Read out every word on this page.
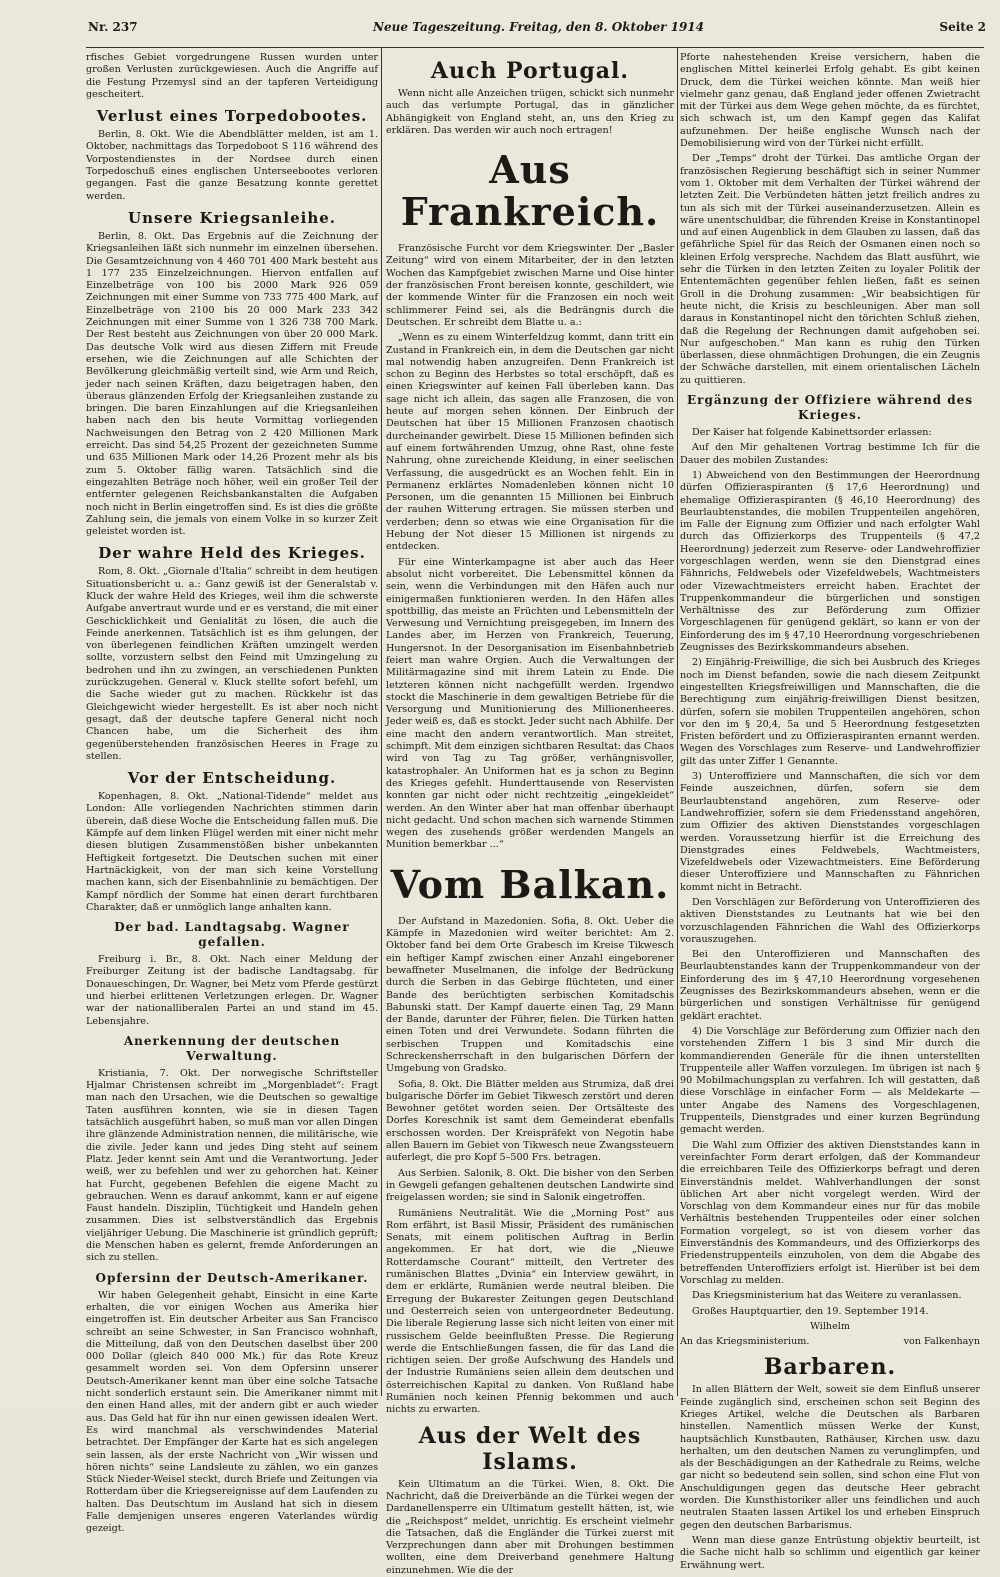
Nr. 237	Neue Tageszeitung. Freitag, den 8. Oktober 1914	Seite 2

rfisches Gebiet vorgedrungene Russen wurden unter großen Verlusten zurückgewiesen. Auch die Angriffe auf die Festung Przemysl sind an der tapferen Verteidigung gescheitert.

Verlust eines Torpedobootes.

Berlin, 8. Okt. Wie die Abendblätter melden, ist am 1. Oktober, nachmittags das Torpedoboot S 116 während des Vorpostendienstes in der Nordsee durch einen Torpedoschuß eines englischen Unterseebootes verloren gegangen. Fast die ganze Besatzung konnte gerettet werden.

Unsere Kriegsanleihe.

Berlin, 8. Okt. Das Ergebnis auf die Zeichnung der Kriegsanleihen läßt sich nunmehr im einzelnen übersehen. Die Gesamtzeichnung von 4 460 701 400 Mark besteht aus 1 177 235 Einzelzeichnungen. Hiervon entfallen auf Einzelbeträge von 100 bis 2000 Mark 926 059 Zeichnungen mit einer Summe von 733 775 400 Mark, auf Einzelbeträge von 2100 bis 20 000 Mark 233 342 Zeichnungen mit einer Summe von 1 326 738 700 Mark. Der Rest besteht aus Zeichnungen von über 20 000 Mark. Das deutsche Volk wird aus diesen Ziffern mit Freude ersehen, wie die Zeichnungen auf alle Schichten der Bevölkerung gleichmäßig verteilt sind, wie Arm und Reich, jeder nach seinen Kräften, dazu beigetragen haben, den überaus glänzenden Erfolg der Kriegsanleihen zustande zu bringen. Die baren Einzahlungen auf die Kriegsanleihen haben nach den bis heute Vormittag vorliegenden Nachweisungen den Betrag von 2 420 Millionen Mark erreicht. Das sind 54,25 Prozent der gezeichneten Summe und 635 Millionen Mark oder 14,26 Prozent mehr als bis zum 5. Oktober fällig waren. Tatsächlich sind die eingezahlten Beträge noch höher, weil ein großer Teil der entfernter gelegenen Reichsbankanstalten die Aufgaben noch nicht in Berlin eingetroffen sind. Es ist dies die größte Zahlung sein, die jemals von einem Volke in so kurzer Zeit geleistet worden ist.

Der wahre Held des Krieges.

Rom, 8. Okt. „Giornale d'Italia“ schreibt in dem heutigen Situationsbericht u. a.: Ganz gewiß ist der Generalstab v. Kluck der wahre Held des Krieges, weil ihm die schwerste Aufgabe anvertraut wurde und er es verstand, die mit einer Geschicklichkeit und Genialität zu lösen, die auch die Feinde anerkennen. Tatsächlich ist es ihm gelungen, der von überlegenen feindlichen Kräften umzingelt werden sollte, vorzustern selbst den Feind mit Umzingelung zu bedrohen und ihn zu zwingen, an verschiedenen Punkten zurückzugehen. General v. Kluck stellte sofort befehl, um die Sache wieder gut zu machen. Rückkehr ist das Gleichgewicht wieder hergestellt. Es ist aber noch nicht gesagt, daß der deutsche tapfere General nicht noch Chancen habe, um die Sicherheit des ihm gegenüberstehenden französischen Heeres in Frage zu stellen.

Vor der Entscheidung.

Kopenhagen, 8. Okt. „National-Tidende“ meldet aus London: Alle vorliegenden Nachrichten stimmen darin überein, daß diese Woche die Entscheidung fallen muß. Die Kämpfe auf dem linken Flügel werden mit einer nicht mehr diesen blutigen Zusammenstößen bisher unbekannten Heftigkeit fortgesetzt. Die Deutschen suchen mit einer Hartnäckigkeit, von der man sich keine Vorstellung machen kann, sich der Eisenbahnlinie zu bemächtigen. Der Kampf nördlich der Somme hat einen derart furchtbaren Charakter, daß er unmöglich lange anhalten kann.

Der bad. Landtagsabg. Wagner gefallen.

Freiburg i. Br., 8. Okt. Nach einer Meldung der Freiburger Zeitung ist der badische Landtagsabg. für Donaueschingen, Dr. Wagner, bei Metz vom Pferde gestürzt und hierbei erlittenen Verletzungen erlegen. Dr. Wagner war der nationalliberalen Partei an und stand im 45. Lebensjahre.

Anerkennung der deutschen Verwaltung.

Kristiania, 7. Okt. Der norwegische Schriftsteller Hjalmar Christensen schreibt im „Morgenbladet“: Fragt man nach den Ursachen, wie die Deutschen so gewaltige Taten ausführen konnten, wie sie in diesen Tagen tatsächlich ausgeführt haben, so muß man vor allen Dingen ihre glänzende Administration nennen, die militärische, wie die zivile. Jeder kann und jedes Ding steht auf seinem Platz. Jeder kennt sein Amt und die Verantwortung. Jeder weiß, wer zu befehlen und wer zu gehorchen hat. Keiner hat Furcht, gegebenen Befehlen die eigene Macht zu gebrauchen. Wenn es darauf ankommt, kann er auf eigene Faust handeln. Disziplin, Tüchtigkeit und Handeln gehen zusammen. Dies ist selbstverständlich das Ergebnis vieljähriger Uebung. Die Maschinerie ist gründlich geprüft; die Menschen haben es gelernt, fremde Anforderungen an sich zu stellen.

Opfersinn der Deutsch-Amerikaner.

Wir haben Gelegenheit gehabt, Einsicht in eine Karte erhalten, die vor einigen Wochen aus Amerika hier eingetroffen ist. Ein deutscher Arbeiter aus San Francisco schreibt an seine Schwester, in San Francisco wohnhaft, die Mitteilung, daß von den Deutschen daselbst über 200 000 Dollar (gleich 840 000 Mk.) für das Rote Kreuz gesammelt worden sei. Von dem Opfersinn unserer Deutsch-Amerikaner kennt man über eine solche Tatsache nicht sonderlich erstaunt sein. Die Amerikaner nimmt mit den einen Hand alles, mit der andern gibt er auch wieder aus. Das Geld hat für ihn nur einen gewissen idealen Wert. Es wird manchmal als verschwindendes Material betrachtet. Der Empfänger der Karte hat es sich angelegen sein lassen, als der erste Nachricht von „Wir wissen und hören nichts“ seine Landsleute zu zählen, wo ein ganzes Stück Nieder-Weisel steckt, durch Briefe und Zeitungen via Rotterdam über die Kriegsereignisse auf dem Laufenden zu halten. Das Deutschtum im Ausland hat sich in diesem Falle demjenigen unseres engeren Vaterlandes würdig gezeigt.

Auch Portugal.

Wenn nicht alle Anzeichen trügen, schickt sich nunmehr auch das verlumpte Portugal, das in gänzlicher Abhängigkeit von England steht, an, uns den Krieg zu erklären. Das werden wir auch noch ertragen!

Aus Frankreich.

Französische Furcht vor dem Kriegswinter. Der „Basler Zeitung“ wird von einem Mitarbeiter, der in den letzten Wochen das Kampfgebiet zwischen Marne und Oise hinter der französischen Front bereisen konnte, geschildert, wie der kommende Winter für die Franzosen ein noch weit schlimmerer Feind sei, als die Bedrängnis durch die Deutschen. Er schreibt dem Blatte u. a.:

„Wenn es zu einem Winterfeldzug kommt, dann tritt ein Zustand in Frankreich ein, in dem die Deutschen gar nicht mal notwendig haben anzugreifen. Denn Frankreich ist schon zu Beginn des Herbstes so total erschöpft, daß es einen Kriegswinter auf keinen Fall überleben kann. Das sage nicht ich allein, das sagen alle Franzosen, die von heute auf morgen sehen können. Der Einbruch der Deutschen hat über 15 Millionen Franzosen chaotisch durcheinander gewirbelt. Diese 15 Millionen befinden sich auf einem fortwährenden Umzug, ohne Rast, ohne feste Nahrung, ohne zureichende Kleidung, in einer seelischen Verfassung, die ausgedrückt es an Wochen fehlt. Ein in Permanenz erklärtes Nomadenleben können nicht 10 Personen, um die genannten 15 Millionen bei Einbruch der rauhen Witterung ertragen. Sie müssen sterben und verderben; denn so etwas wie eine Organisation für die Hebung der Not dieser 15 Millionen ist nirgends zu entdecken.

Für eine Winterkampagne ist aber auch das Heer absolut nicht vorbereitet. Die Lebensmittel können da sein, wenn die Verbindungen mit den Häfen auch nur einigermaßen funktionieren werden. In den Häfen alles spottbillig, das meiste an Früchten und Lebensmitteln der Verwesung und Vernichtung preisgegeben, im Innern des Landes aber, im Herzen von Frankreich, Teuerung, Hungersnot. In der Desorganisation im Eisenbahnbetrieb feiert man wahre Orgien. Auch die Verwaltungen der Militärmagazine sind mit ihrem Latein zu Ende. Die letzteren können nicht nachgefüllt werden. Irgendwo stockt die Maschinerie in dem gewaltigen Betriebe für die Versorgung und Munitionierung des Millionenheeres. Jeder weiß es, daß es stockt. Jeder sucht nach Abhilfe. Der eine macht den andern verantwortlich. Man streitet, schimpft. Mit dem einzigen sichtbaren Resultat: das Chaos wird von Tag zu Tag größer, verhängnisvoller, katastrophaler. An Uniformen hat es ja schon zu Beginn des Krieges gefehlt. Hunderttausende von Reservisten konnten gar nicht oder nicht rechtzeitig „eingekleidet“ werden. An den Winter aber hat man offenbar überhaupt nicht gedacht. Und schon machen sich warnende Stimmen wegen des zusehends größer werdenden Mangels an Munition bemerkbar ...“

Vom Balkan.

Der Aufstand in Mazedonien. Sofia, 8. Okt. Ueber die Kämpfe in Mazedonien wird weiter berichtet: Am 2. Oktober fand bei dem Orte Grabesch im Kreise Tikwesch ein heftiger Kampf zwischen einer Anzahl eingeborener bewaffneter Muselmanen, die infolge der Bedrückung durch die Serben in das Gebirge flüchteten, und einer Bande des berüchtigten serbischen Komitadschis Babunski statt. Der Kampf dauerte einen Tag, 29 Mann der Bande, darunter der Führer, fielen. Die Türken hatten einen Toten und drei Verwundete. Sodann führten die serbischen Truppen und Komitadschis eine Schreckensherrschaft in den bulgarischen Dörfern der Umgebung von Gradsko.

Sofia, 8. Okt. Die Blätter melden aus Strumiza, daß drei bulgarische Dörfer im Gebiet Tikwesch zerstört und deren Bewohner getötet worden seien. Der Ortsälteste des Dorfes Koreschnik ist samt dem Gemeinderat ebenfalls erschossen worden. Der Kreispräfekt von Negotin habe allen Bauern im Gebiet von Tikwesch neue Zwangssteuern auferlegt, die pro Kopf 5–500 Frs. betragen.

Aus Serbien. Salonik, 8. Okt. Die bisher von den Serben in Gewgeli gefangen gehaltenen deutschen Landwirte sind freigelassen worden; sie sind in Salonik eingetroffen.

Rumäniens Neutralität. Wie die „Morning Post“ aus Rom erfährt, ist Basil Missir, Präsident des rumänischen Senats, mit einem politischen Auftrag in Berlin angekommen. Er hat dort, wie die „Nieuwe Rotterdamsche Courant“ mitteilt, den Vertreter des rumänischen Blattes „Dvinia“ ein Interview gewährt, in dem er erklärte, Rumänien werde neutral bleiben. Die Erregung der Bukarester Zeitungen gegen Deutschland und Oesterreich seien von untergeordneter Bedeutung. Die liberale Regierung lasse sich nicht leiten von einer mit russischem Gelde beeinflußten Presse. Die Regierung werde die Entschließungen fassen, die für das Land die richtigen seien. Der große Aufschwung des Handels und der Industrie Rumäniens seien allein dem deutschen und österreichischen Kapital zu danken. Von Rußland habe Rumänien noch keinen Pfennig bekommen und auch nichts zu erwarten.

Aus der Welt des Islams.

Kein Ultimatum an die Türkei. Wien, 8. Okt. Die Nachricht, daß die Dreiverbände an die Türkei wegen der Dardanellensperre ein Ultimatum gestellt hätten, ist, wie die „Reichspost“ meldet, unrichtig. Es erscheint vielmehr die Tatsachen, daß die Engländer die Türkei zuerst mit Verzprechungen dann aber mit Drohungen bestimmen wollten, eine dem Dreiverband genehmere Haltung einzunehmen. Wie die der

Pforte nahestehenden Kreise versichern, haben die englischen Mittel keinerlei Erfolg gehabt. Es gibt keinen Druck, dem die Türkei weichen könnte. Man weiß hier vielmehr ganz genau, daß England jeder offenen Zwietracht mit der Türkei aus dem Wege gehen möchte, da es fürchtet, sich schwach ist, um den Kampf gegen das Kalifat aufzunehmen. Der heiße englische Wunsch nach der Demobilisierung wird von der Türkei nicht erfüllt.

Der „Temps“ droht der Türkei. Das amtliche Organ der französischen Regierung beschäftigt sich in seiner Nummer vom 1. Oktober mit dem Verhalten der Türkei während der letzten Zeit. Die Verbündeten hätten jetzt freilich andres zu tun als sich mit der Türkei auseinanderzusetzen. Allein es wäre unentschuldbar, die führenden Kreise in Konstantinopel und auf einen Augenblick in dem Glauben zu lassen, daß das gefährliche Spiel für das Reich der Osmanen einen noch so kleinen Erfolg verspreche. Nachdem das Blatt ausführt, wie sehr die Türken in den letzten Zeiten zu loyaler Politik der Ententemächten gegenüber fehlen ließen, faßt es seinen Groll in die Drohung zusammen: „Wir beabsichtigen für heute nicht, die Krisis zu beschleunigen. Aber man soll daraus in Konstantinopel nicht den törichten Schluß ziehen, daß die Regelung der Rechnungen damit aufgehoben sei. Nur aufgeschoben.“ Man kann es ruhig den Türken überlassen, diese ohnmächtigen Drohungen, die ein Zeugnis der Schwäche darstellen, mit einem orientalischen Lächeln zu quittieren.

Ergänzung der Offiziere während des Krieges.

Der Kaiser hat folgende Kabinettsorder erlassen:

Auf den Mir gehaltenen Vortrag bestimme Ich für die Dauer des mobilen Zustandes:

1) Abweichend von den Bestimmungen der Heerordnung dürfen Offizieraspiranten (§ 17,6 Heerordnung) und ehemalige Offizieraspiranten (§ 46,10 Heerordnung) des Beurlaubtenstandes, die mobilen Truppenteilen angehören, im Falle der Eignung zum Offizier und nach erfolgter Wahl durch das Offizierkorps des Truppenteils (§ 47,2 Heerordnung) jederzeit zum Reserve- oder Landwehroffizier vorgeschlagen werden, wenn sie den Dienstgrad eines Fähnrichs, Feldwebels oder Vizefeldwebels, Wachtmeisters oder Vizewachtmeisters erreicht haben. Erachtet der Truppenkommandeur die bürgerlichen und sonstigen Verhältnisse des zur Beförderung zum Offizier Vorgeschlagenen für genügend geklärt, so kann er von der Einforderung des im § 47,10 Heerordnung vorgeschriebenen Zeugnisses des Bezirkskommandeurs absehen.

2) Einjährig-Freiwillige, die sich bei Ausbruch des Krieges noch im Dienst befanden, sowie die nach diesem Zeitpunkt eingestellten Kriegsfreiwilligen und Mannschaften, die die Berechtigung zum einjährig-freiwilligen Dienst besitzen, dürfen, sofern sie mobilen Truppenteilen angehören, schon vor den im § 20,4, 5a und 5 Heerordnung festgesetzten Fristen befördert und zu Offizieraspiranten ernannt werden. Wegen des Vorschlages zum Reserve- und Landwehroffizier gilt das unter Ziffer 1 Genannte.

3) Unteroffiziere und Mannschaften, die sich vor dem Feinde auszeichnen, dürfen, sofern sie dem Beurlaubtenstand angehören, zum Reserve- oder Landwehroffizier, sofern sie dem Friedensstand angehören, zum Offizier des aktiven Dienststandes vorgeschlagen werden. Voraussetzung hierfür ist die Erreichung des Dienstgrades eines Feldwebels, Wachtmeisters, Vizefeldwebels oder Vizewachtmeisters. Eine Beförderung dieser Unteroffiziere und Mannschaften zu Fähnrichen kommt nicht in Betracht.

Den Vorschlägen zur Beförderung von Unteroffizieren des aktiven Dienststandes zu Leutnants hat wie bei den vorzuschlagenden Fähnrichen die Wahl des Offizierkorps vorauszugehen.

Bei den Unteroffizieren und Mannschaften des Beurlaubtenstandes kann der Truppenkommandeur von der Einforderung des im § 47,10 Heerordnung vorgesehenen Zeugnisses des Bezirkskommandeurs absehen, wenn er die bürgerlichen und sonstigen Verhältnisse für genügend geklärt erachtet.

4) Die Vorschläge zur Beförderung zum Offizier nach den vorstehenden Ziffern 1 bis 3 sind Mir durch die kommandierenden Generäle für die ihnen unterstellten Truppenteile aller Waffen vorzulegen. Im übrigen ist nach § 90 Mobilmachungsplan zu verfahren. Ich will gestatten, daß diese Vorschläge in einfacher Form — als Meldekarte — unter Angabe des Namens des Vorgeschlagenen, Truppenteils, Dienstgrades und einer kurzen Begründung gemacht werden.

Die Wahl zum Offizier des aktiven Dienststandes kann in vereinfachter Form derart erfolgen, daß der Kommandeur die erreichbaren Teile des Offizierkorps befragt und deren Einverständnis meldet. Wahlverhandlungen der sonst üblichen Art aber nicht vorgelegt werden. Wird der Vorschlag von dem Kommandeur eines nur für das mobile Verhältnis bestehenden Truppenteiles oder einer solchen Formation vorgelegt, so ist von diesem vorher das Einverständnis des Kommandeurs, und des Offizierkorps des Friedenstruppenteils einzuholen, von dem die Abgabe des betreffenden Unteroffiziers erfolgt ist. Hierüber ist bei dem Vorschlag zu melden.

Das Kriegsministerium hat das Weitere zu veranlassen.

Großes Hauptquartier, den 19. September 1914.

Wilhelm

An das Kriegsministerium.	von Falkenhayn
Barbaren.

In allen Blättern der Welt, soweit sie dem Einfluß unserer Feinde zugänglich sind, erscheinen schon seit Beginn des Krieges Artikel, welche die Deutschen als Barbaren hinstellen. Namentlich müssen Werke der Kunst, hauptsächlich Kunstbauten, Rathäuser, Kirchen usw. dazu herhalten, um den deutschen Namen zu verunglimpfen, und als der Beschädigungen an der Kathedrale zu Reims, welche gar nicht so bedeutend sein sollen, sind schon eine Flut von Anschuldigungen gegen das deutsche Heer gebracht worden. Die Kunsthistoriker aller uns feindlichen und auch neutralen Staaten lassen Artikel los und erheben Einspruch gegen den deutschen Barbarismus.

Wenn man diese ganze Entrüstung objektiv beurteilt, ist die Sache nicht halb so schlimm und eigentlich gar keiner Erwähnung wert.
